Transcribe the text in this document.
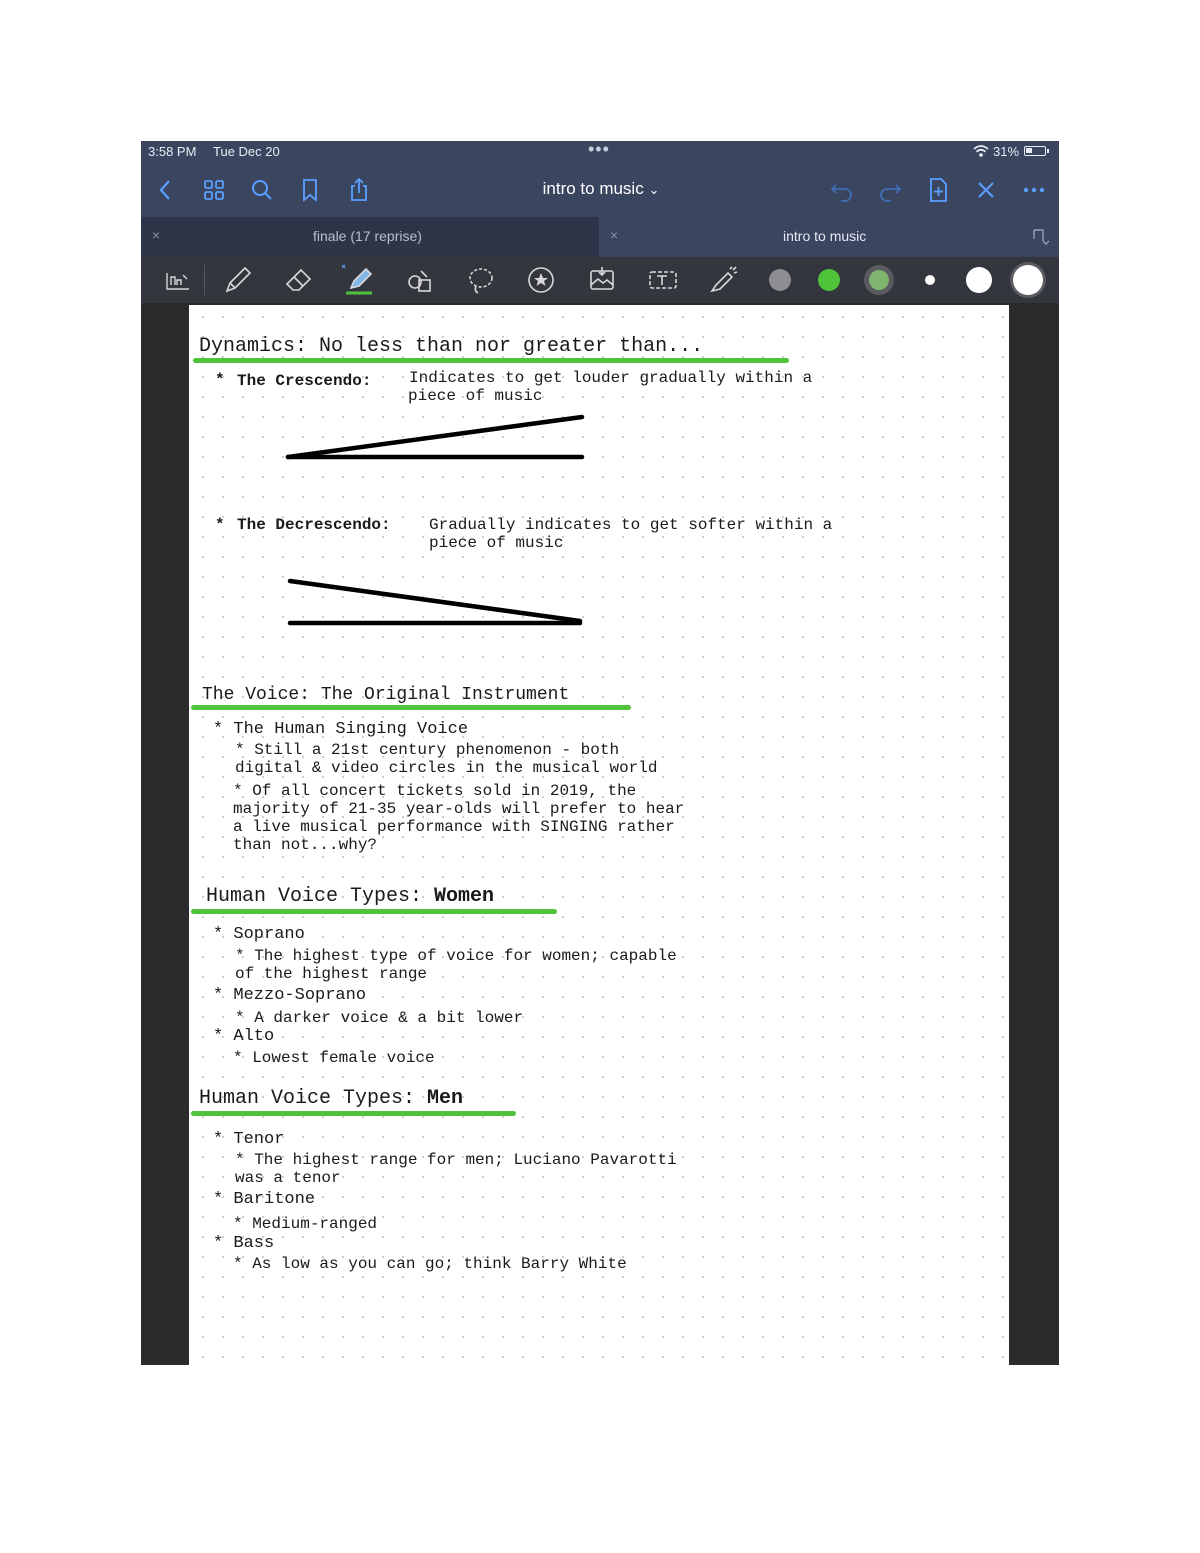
3:58 PM Tue Dec 20	•••	31%
intro to music ⌄
×	finale (17 reprise)	×	intro to music
Dynamics: No less than nor greater than...
* The Crescendo: Indicates to get louder gradually within a
piece of music
* The Decrescendo: Gradually indicates to get softer within a
piece of music
The Voice: The Original Instrument
* The Human Singing Voice
* Still a 21st century phenomenon - both
digital & video circles in the musical world
* Of all concert tickets sold in 2019, the
majority of 21-35 year-olds will prefer to hear
a live musical performance with SINGING rather
than not...why?
Human Voice Types: Women
* Soprano
* The highest type of voice for women; capable
of the highest range
* Mezzo-Soprano
* A darker voice & a bit lower
* Alto
* Lowest female voice
Human Voice Types: Men
* Tenor
* The highest range for men; Luciano Pavarotti
was a tenor
* Baritone
* Medium-ranged
* Bass
* As low as you can go; think Barry White
